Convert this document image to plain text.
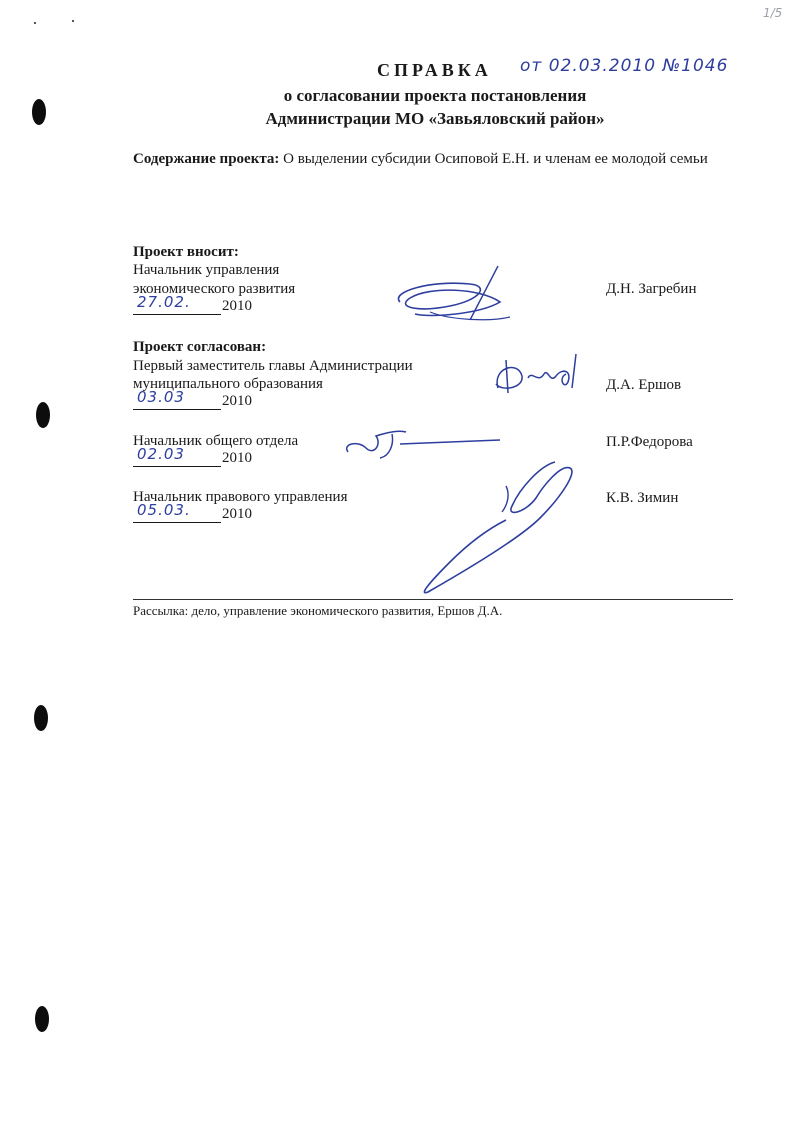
1/5
СПРАВКА от 02.03.2010 №1046
о согласовании проекта постановления
Администрации МО «Завьяловский район»
Содержание проекта: О выделении субсидии Осиповой Е.Н. и членам ее молодой семьи
Проект вносит:
Начальник управления
экономического развития
27.02. 2010
Д.Н. Загребин
Проект согласован:
Первый заместитель главы Администрации
муниципального образования
03.03 2010
Д.А. Ершов
Начальник общего отдела
02.03 2010
П.Р.Федорова
Начальник правового управления
05.03. 2010
К.В. Зимин
Рассылка: дело, управление экономического развития, Ершов Д.А.
